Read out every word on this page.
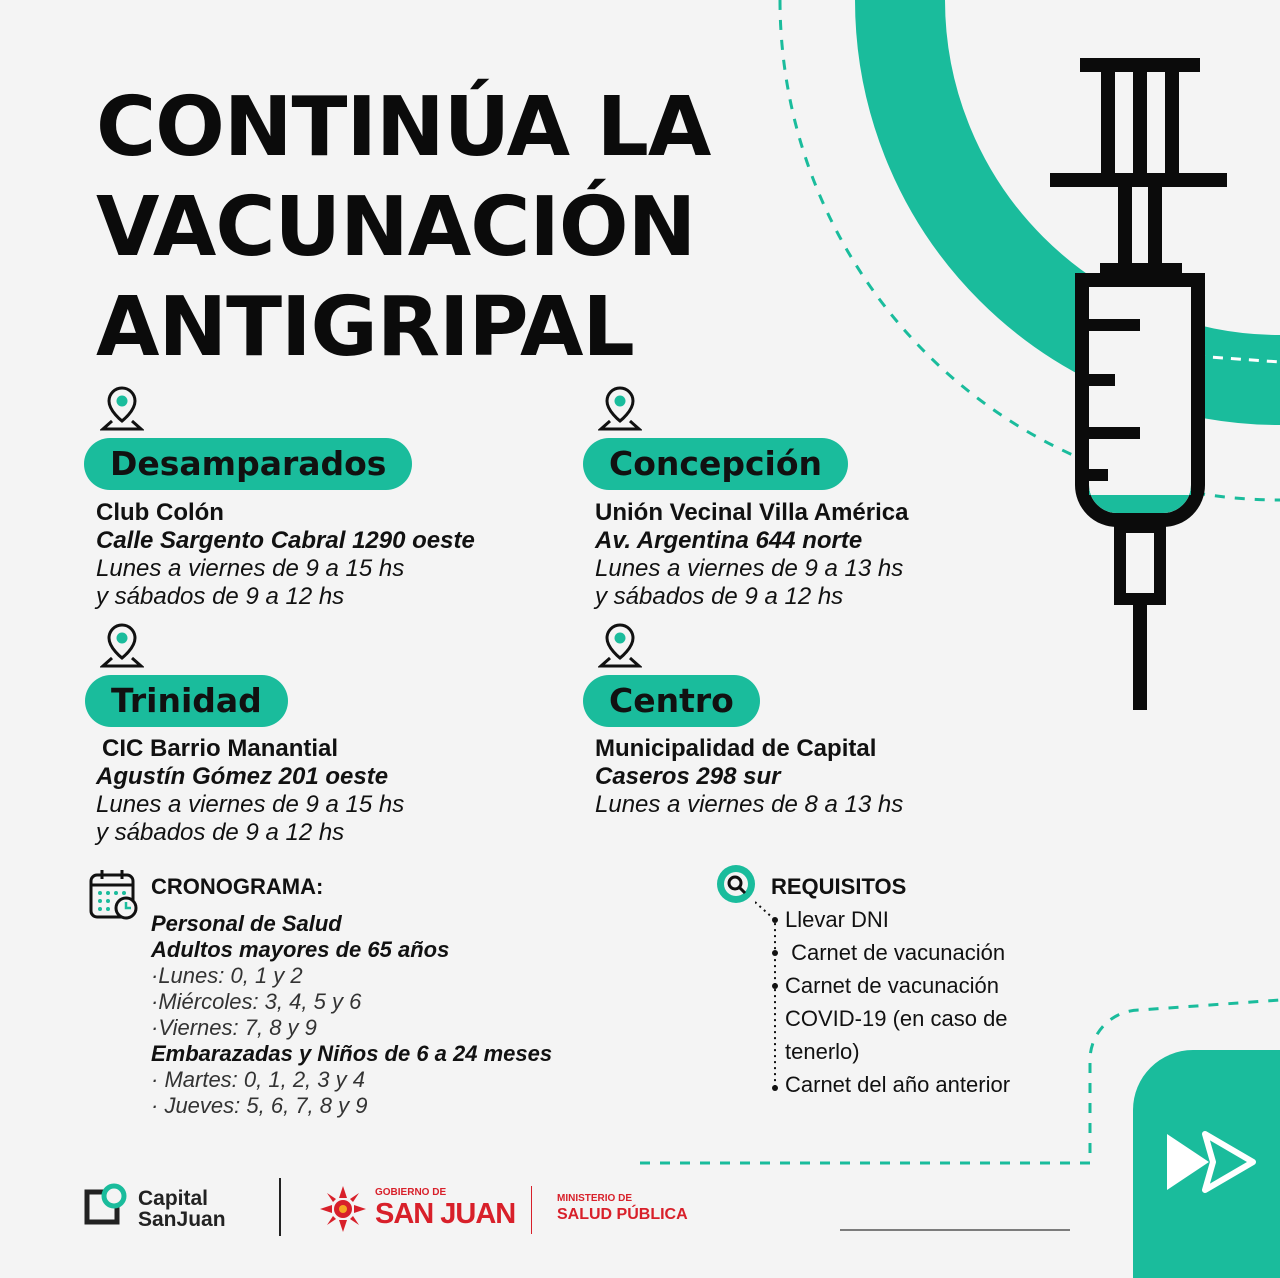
CONTINÚA LA
VACUNACIÓN
ANTIGRIPAL
Desamparados	Concepción
Trinidad	Centro
Club Colón
Calle Sargento Cabral 1290 oeste
Lunes a viernes de 9 a 15 hs
y sábados de 9 a 12 hs
Unión Vecinal Villa América
Av. Argentina 644 norte
Lunes a viernes de 9 a 13 hs
y sábados de 9 a 12 hs
CIC Barrio Manantial
Agustín Gómez 201 oeste
Lunes a viernes de 9 a 15 hs
y sábados de 9 a 12 hs
Municipalidad de Capital
Caseros 298 sur
Lunes a viernes de 8 a 13 hs
CRONOGRAMA:
Personal de Salud
Adultos mayores de 65 años
·Lunes: 0, 1 y 2
·Miércoles: 3, 4, 5 y 6
·Viernes: 7, 8 y 9
Embarazadas y Niños de 6 a 24 meses
· Martes: 0, 1, 2, 3 y 4
· Jueves: 5, 6, 7, 8 y 9
REQUISITOS
Llevar DNI
Carnet de vacunación
Carnet de vacunación
COVID-19 (en caso de
tenerlo)
Carnet del año anterior
Capital
SanJuan
GOBIERNO DE
SAN JUAN	MINISTERIO DE
SALUD PÚBLICA
